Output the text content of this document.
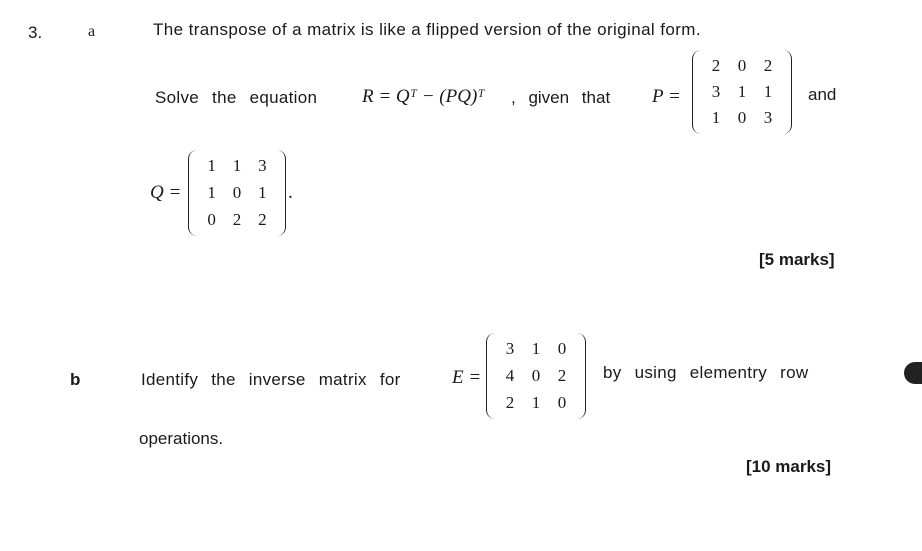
3.	a	The transpose of a matrix is like a flipped version of the original form.
Solve the equation R = Qᵀ − (PQ)ᵀ , given that P =
2	0	2
3	1	1
1	0	3
and
Q =
1 1 3
1 0 1
0 2 2
.
[5 marks]
b	Identify the inverse matrix for	E =
3	1	0
4	0	2
2	1	0
by using elementry row
operations.
[10 marks]
